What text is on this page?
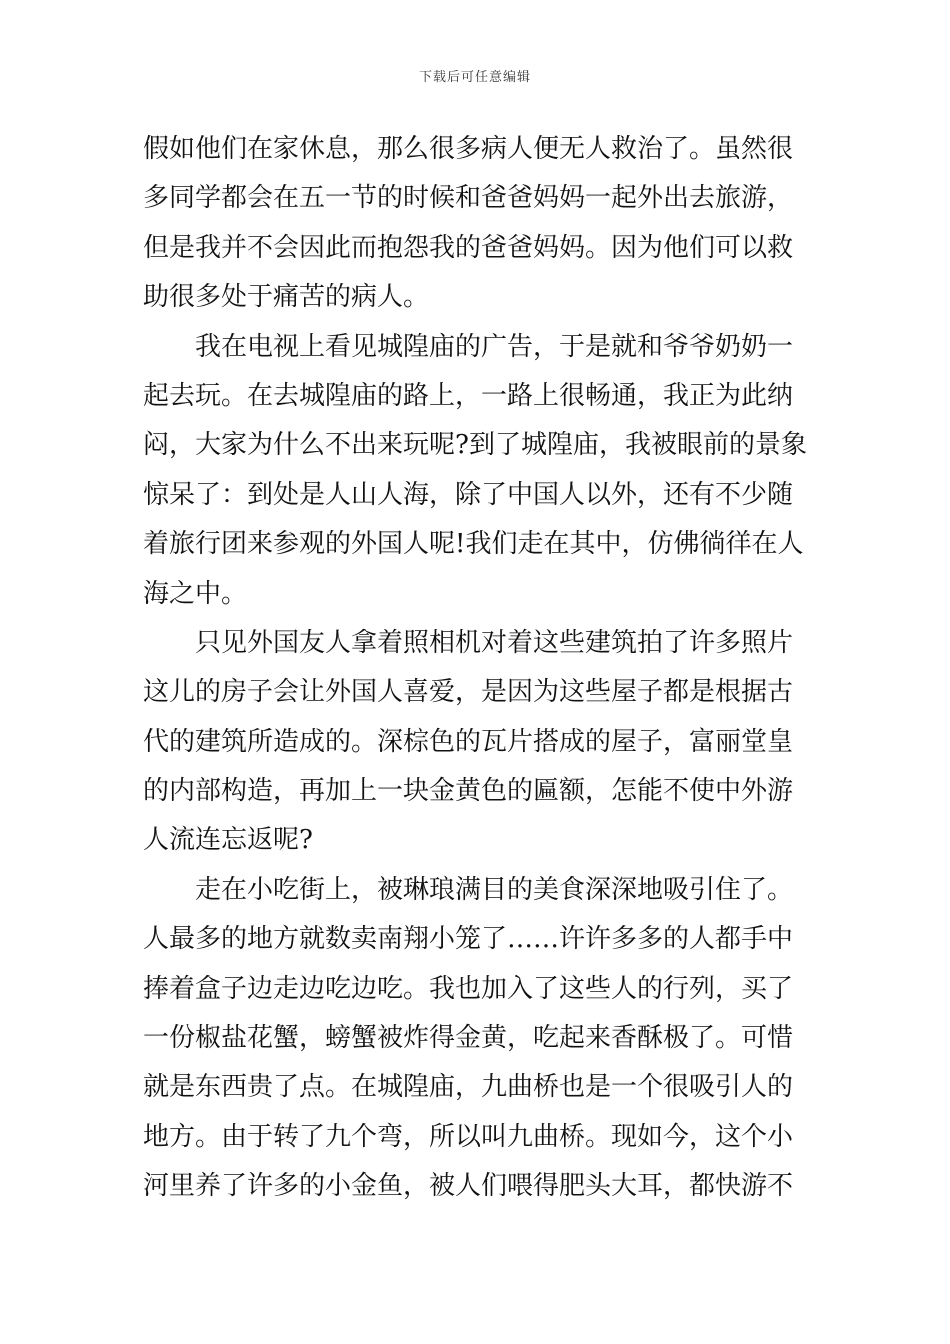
下载后可任意编辑
假如他们在家休息，那么很多病人便无人救治了。虽然很
多同学都会在五一节的时候和爸爸妈妈一起外出去旅游，
但是我并不会因此而抱怨我的爸爸妈妈。因为他们可以救
助很多处于痛苦的病人。
我在电视上看见城隍庙的广告，于是就和爷爷奶奶一
起去玩。在去城隍庙的路上，一路上很畅通，我正为此纳
闷，大家为什么不出来玩呢?到了城隍庙，我被眼前的景象
惊呆了：到处是人山人海，除了中国人以外，还有不少随
着旅行团来参观的外国人呢!我们走在其中，仿佛徜徉在人
海之中。
只见外国友人拿着照相机对着这些建筑拍了许多照片
这儿的房子会让外国人喜爱，是因为这些屋子都是根据古
代的建筑所造成的。深棕色的瓦片搭成的屋子，富丽堂皇
的内部构造，再加上一块金黄色的匾额，怎能不使中外游
人流连忘返呢?
走在小吃街上，被琳琅满目的美食深深地吸引住了。
人最多的地方就数卖南翔小笼了……许许多多的人都手中
捧着盒子边走边吃边吃。我也加入了这些人的行列，买了
一份椒盐花蟹，螃蟹被炸得金黄，吃起来香酥极了。可惜
就是东西贵了点。在城隍庙，九曲桥也是一个很吸引人的
地方。由于转了九个弯，所以叫九曲桥。现如今，这个小
河里养了许多的小金鱼，被人们喂得肥头大耳，都快游不
